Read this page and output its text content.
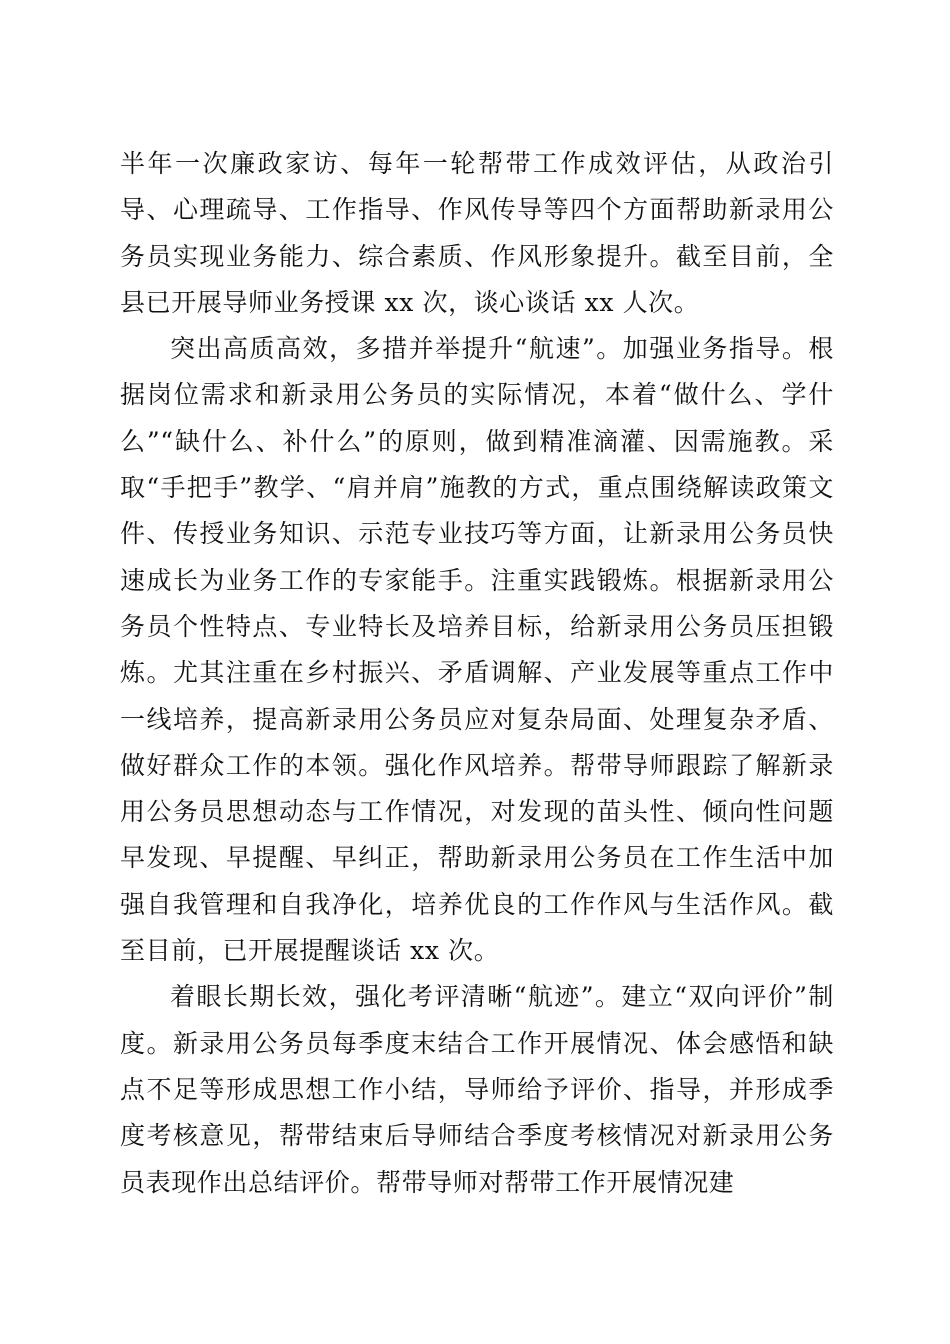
半年一次廉政家访、每年一轮帮带工作成效评估，从政治引导、心理疏导、工作指导、作风传导等四个方面帮助新录用公务员实现业务能力、综合素质、作风形象提升。截至目前，全县已开展导师业务授课 xx 次，谈心谈话 xx 人次。

突出高质高效，多措并举提升“航速”。加强业务指导。根据岗位需求和新录用公务员的实际情况，本着“做什么、学什么”“缺什么、补什么”的原则，做到精准滴灌、因需施教。采取“手把手”教学、“肩并肩”施教的方式，重点围绕解读政策文件、传授业务知识、示范专业技巧等方面，让新录用公务员快速成长为业务工作的专家能手。注重实践锻炼。根据新录用公务员个性特点、专业特长及培养目标，给新录用公务员压担锻炼。尤其注重在乡村振兴、矛盾调解、产业发展等重点工作中一线培养，提高新录用公务员应对复杂局面、处理复杂矛盾、做好群众工作的本领。强化作风培养。帮带导师跟踪了解新录用公务员思想动态与工作情况，对发现的苗头性、倾向性问题早发现、早提醒、早纠正，帮助新录用公务员在工作生活中加强自我管理和自我净化，培养优良的工作作风与生活作风。截至目前，已开展提醒谈话 xx 次。

着眼长期长效，强化考评清晰“航迹”。建立“双向评价”制度。新录用公务员每季度末结合工作开展情况、体会感悟和缺点不足等形成思想工作小结，导师给予评价、指导，并形成季度考核意见，帮带结束后导师结合季度考核情况对新录用公务员表现作出总结评价。帮带导师对帮带工作开展情况建
